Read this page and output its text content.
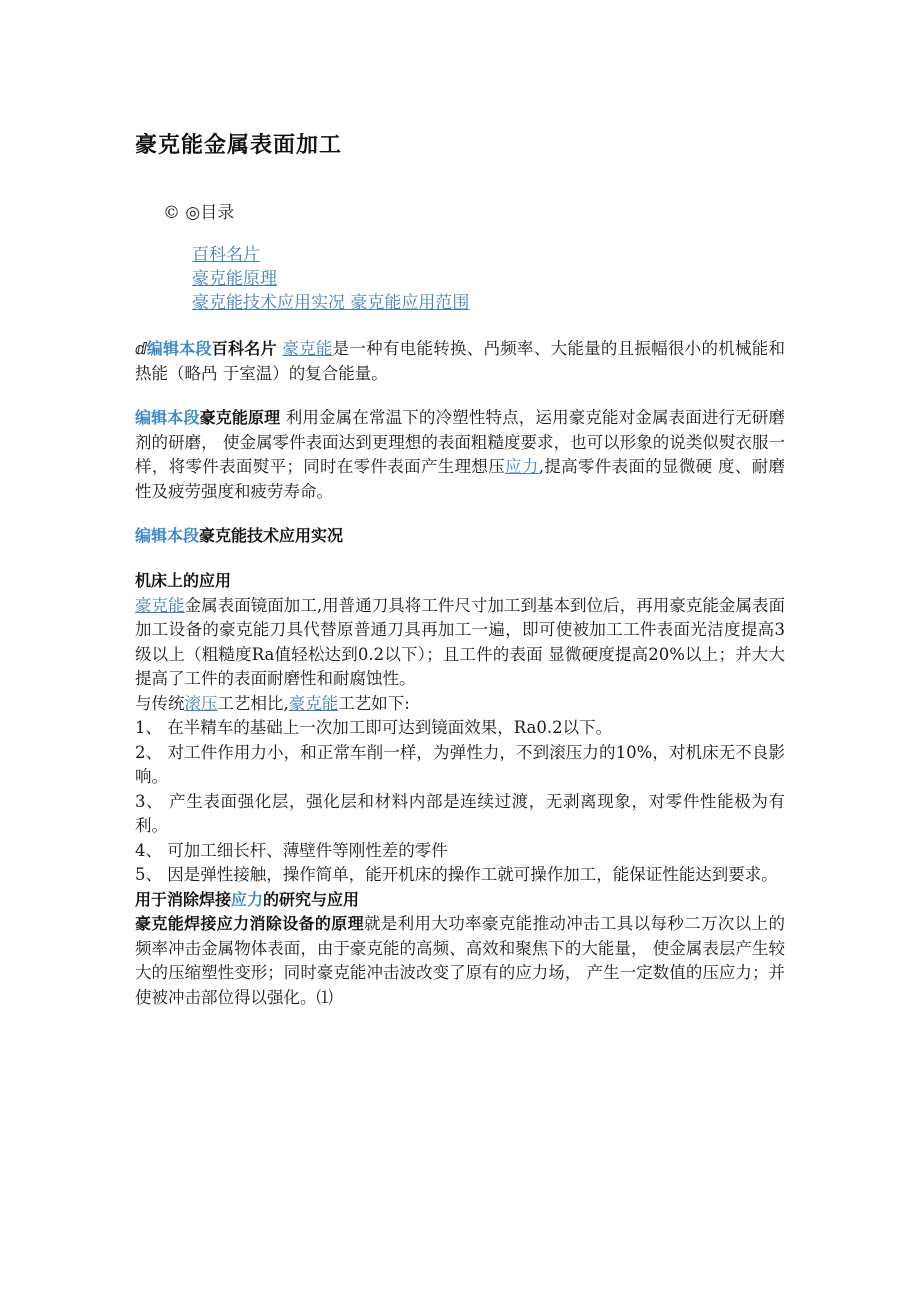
豪克能金属表面加工
© ◎目录
百科名片
豪克能原理
豪克能技术应用实况 豪克能应用范围

ⅆ编辑本段百科名片 豪克能是一种有电能转换、冎频率、大能量的且振幅很小的机械能和热能（略冎 于室温）的复合能量。

编辑本段豪克能原理 利用金属在常温下的冷塑性特点，运用豪克能对金属表面进行无研磨剂的研磨， 使金属零件表面达到更理想的表面粗糙度要求，也可以形象的说类似熨衣服一 样，将零件表面熨平；同时在零件表面产生理想压应力,提高零件表面的显微硬 度、耐磨性及疲劳强度和疲劳寿命。

编辑本段豪克能技术应用实况

机床上的应用

豪克能金属表面镜面加工,用普通刀具将工件尺寸加工到基本到位后，再用豪克能金属表面加工设备的豪克能刀具代替原普通刀具再加工一遍，即可使被加工工件表面光洁度提高3级以上（粗糙度Ra值轻松达到0.2以下）；且工件的表面 显微硬度提高20%以上；并大大提高了工件的表面耐磨性和耐腐蚀性。

与传统滚压工艺相比,豪克能工艺如下:

1、 在半精车的基础上一次加工即可达到镜面效果，Ra0.2以下。

2、 对工件作用力小，和正常车削一样，为弹性力，不到滚压力的10%，对机床无不良影响。

3、 产生表面强化层，强化层和材料内部是连续过渡，无剥离现象，对零件性能极为有利。

4、 可加工细长杆、薄壁件等刚性差的零件

5、 因是弹性接触，操作简单，能开机床的操作工就可操作加工，能保证性能达到要求。

用于消除焊接应力的研究与应用

豪克能焊接应力消除设备的原理就是利用大功率豪克能推动冲击工具以每秒二万次以上的频率冲击金属物体表面，由于豪克能的高频、高效和聚焦下的大能量， 使金属表层产生较大的压缩塑性变形；同时豪克能冲击波改变了原有的应力场， 产生一定数值的压应力；并使被冲击部位得以强化。⑴
